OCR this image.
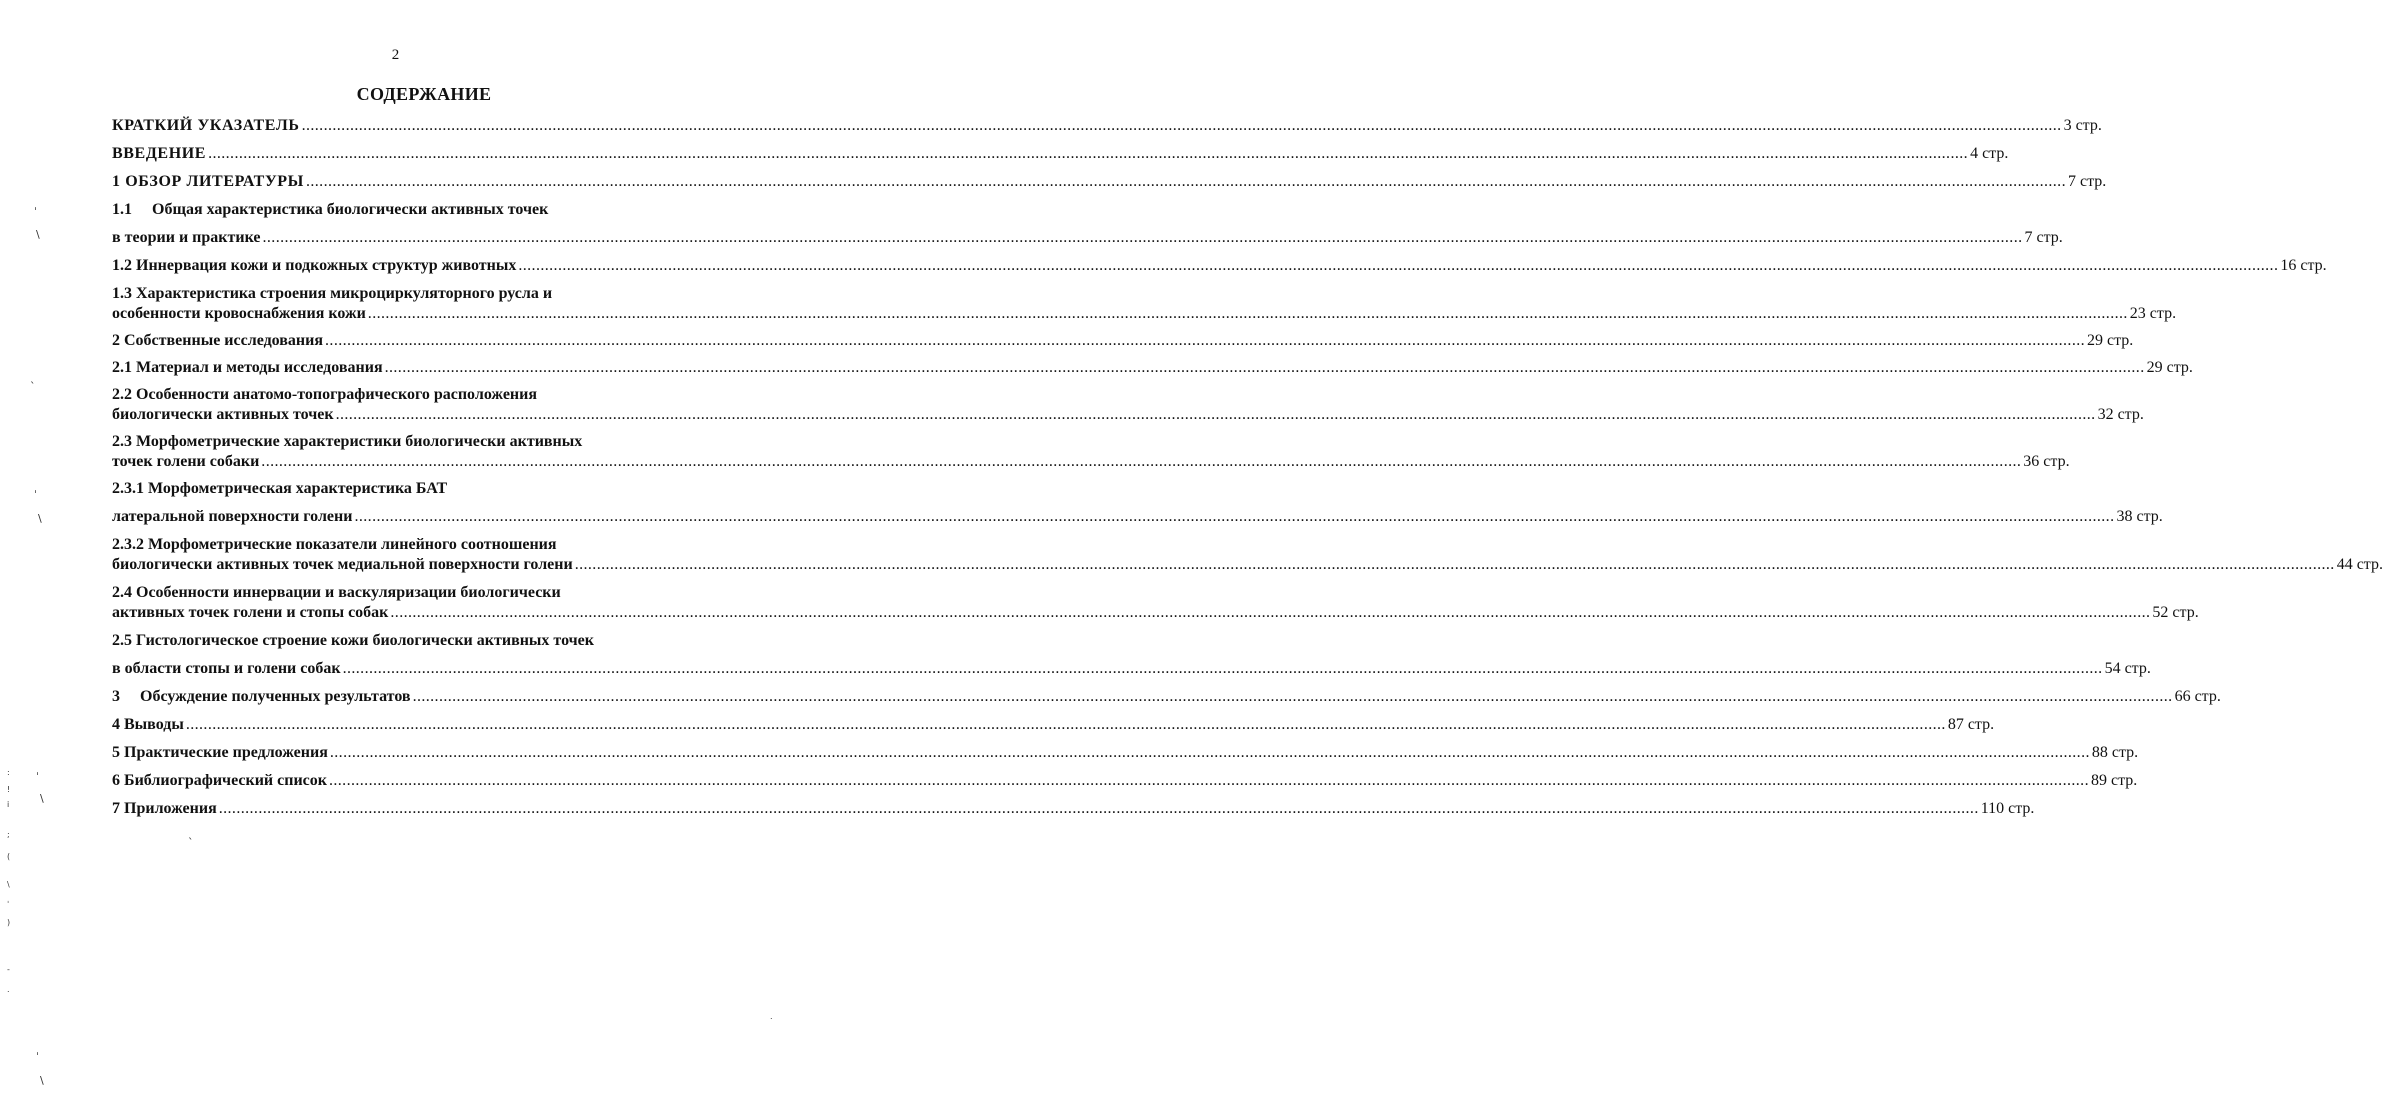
2
СОДЕРЖАНИЕ
КРАТКИЙ УКАЗАТЕЛЬ ................................................................................................................................................................................................................................................................................................................................................................................................................ 3 стр.
ВВЕДЕНИЕ ................................................................................................................................................................................................................................................................................................................................................................................................................ 4 стр.
1 ОБЗОР ЛИТЕРАТУРЫ ................................................................................................................................................................................................................................................................................................................................................................................................................ 7 стр.
1.1     Общая характеристика биологически активных точек
в теории и практике ................................................................................................................................................................................................................................................................................................................................................................................................................ 7 стр.
1.2 Иннервация кожи и подкожных структур животных ................................................................................................................................................................................................................................................................................................................................................................................................................ 16 стр.
1.3 Характеристика строения микроциркуляторного русла и
особенности кровоснабжения кожи ................................................................................................................................................................................................................................................................................................................................................................................................................ 23 стр.
2 Собственные исследования ................................................................................................................................................................................................................................................................................................................................................................................................................ 29 стр.
2.1 Материал и методы исследования ................................................................................................................................................................................................................................................................................................................................................................................................................ 29 стр.
2.2 Особенности анатомо-топографического расположения
биологически активных точек ................................................................................................................................................................................................................................................................................................................................................................................................................ 32 стр.
2.3 Морфометрические характеристики биологически активных
точек голени собаки ................................................................................................................................................................................................................................................................................................................................................................................................................ 36 стр.
2.3.1 Морфометрическая характеристика БАТ
латеральной поверхности голени ................................................................................................................................................................................................................................................................................................................................................................................................................ 38 стр.
2.3.2 Морфометрические показатели линейного соотношения
биологически активных точек медиальной поверхности голени ................................................................................................................................................................................................................................................................................................................................................................................................................ 44 стр.
2.4 Особенности иннервации и васкуляризации биологически
активных точек голени и стопы собак ................................................................................................................................................................................................................................................................................................................................................................................................................ 52 стр.
2.5 Гистологическое строение кожи биологически активных точек
в области стопы и голени собак ................................................................................................................................................................................................................................................................................................................................................................................................................ 54 стр.
3     Обсуждение полученных результатов ................................................................................................................................................................................................................................................................................................................................................................................................................ 66 стр.
4 Выводы ................................................................................................................................................................................................................................................................................................................................................................................................................ 87 стр.
5 Практические предложения ................................................................................................................................................................................................................................................................................................................................................................................................................ 88 стр.
6 Библиографический список ................................................................................................................................................................................................................................................................................................................................................................................................................ 89 стр.
7 Приложения ................................................................................................................................................................................................................................................................................................................................................................................................................ 110 стр.
ˈ
\
`
ˈ
\
:
!
i
ˈ
\
;
(
\
ˈ
)
-
.
`
ˈ
\
.
